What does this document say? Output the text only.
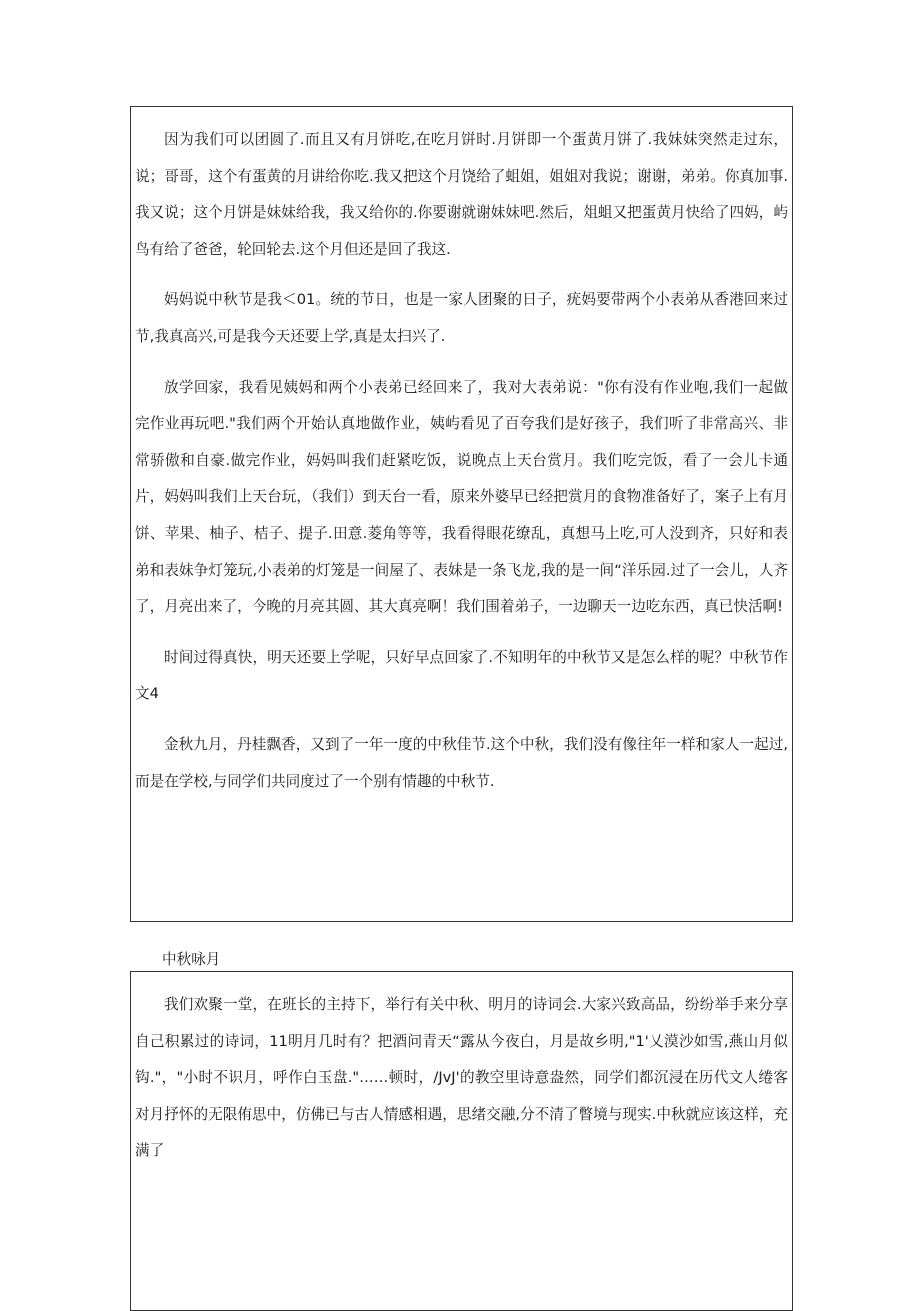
因为我们可以团圆了.而且又有月饼吃,在吃月饼时.月饼即一个蛋黄月饼了.我妹妹突然走过东，说；哥哥，这个有蛋黄的月讲给你吃.我又把这个月饶给了蛆姐，姐姐对我说；谢谢，弟弟。你真加事.我又说；这个月饼是妹妹给我，我又给你的.你要谢就谢妹妹吧.然后，俎蛆又把蛋黄月快给了四妈，屿鸟有给了爸爸，轮回轮去.这个月但还是回了我这.

妈妈说中秋节是我＜01。统的节日，也是一家人团聚的日子，疣妈要带两个小表弟从香港回来过节,我真高兴,可是我今天还要上学,真是太扫兴了.

放学回家，我看见姨妈和两个小表弟已经回来了，我对大表弟说："你有没有作业咆,我们一起做完作业再玩吧."我们两个开始认真地做作业，姨屿看见了百夸我们是好孩子，我们听了非常高兴、非常骄傲和自豪.做完作业，妈妈叫我们赶紧吃饭，说晚点上天台赏月。我们吃完饭，看了一会儿卡通片，妈妈叫我们上天台玩，（我们）到天台一看，原来外婆早已经把赏月的食物准备好了，案子上有月饼、苹果、柚子、桔子、提子.田意.菱角等等，我看得眼花缭乱，真想马上吃,可人没到齐，只好和表弟和表妹争灯笼玩,小表弟的灯笼是一间屋了、表妹是一条飞龙,我的是一间“洋乐园.过了一会儿，人齐了，月亮出来了，今晚的月亮其圆、其大真亮啊！我们围着弟子，一边聊天一边吃东西，真已快活啊!

时间过得真快，明天还要上学呢，只好早点回家了.不知明年的中秋节又是怎么样的呢？中秋节作文4

金秋九月，丹桂飘香，又到了一年一度的中秋佳节.这个中秋，我们没有像往年一样和家人一起过,而是在学校,与同学们共同度过了一个别有情趣的中秋节.

中秋咏月

我们欢聚一堂，在班长的主持下，举行有关中秋、明月的诗词会.大家兴致高品，纷纷举手来分享自己积累过的诗词，11明月几时有？把酒问青天“露从今夜白，月是故乡明,"1'乂漠沙如雪,燕山月似钩."，"小时不识月，呼作白玉盘."……顿时，/JvJ'的教空里诗意盎然，同学们都沉浸在历代文人绻客对月抒怀的无限侑思中，仿佛已与古人情感相遇，思绪交融,分不清了瞥境与现实.中秋就应该这样，充满了
